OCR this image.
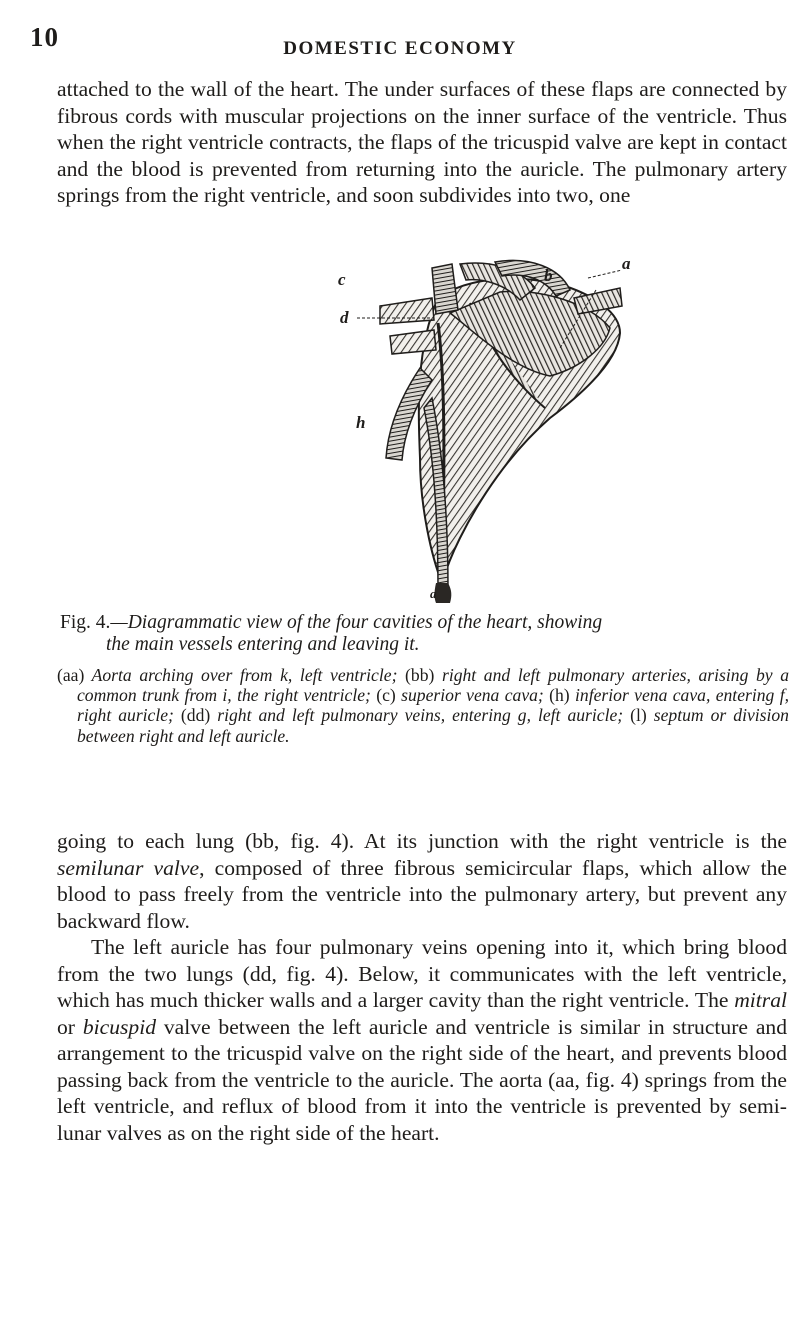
10	DOMESTIC ECONOMY

attached to the wall of the heart. The under surfaces of these flaps are connected by fibrous cords with muscular projections on the inner surface of the ventricle. Thus when the right ventricle contracts, the flaps of the tricuspid valve are kept in contact and the blood is prevented from returning into the auricle. The pulmonary artery springs from the right ventricle, and soon subdivides into two, one

c	b
a
d
h
a
Fig. 4.—Diagrammatic view of the four cavities of the heart, showing
the main vessels entering and leaving it.
(aa) Aorta arching over from k, left ventricle; (bb) right and left pulmonary arteries, arising by a common trunk from i, the right ventricle; (c) superior vena cava; (h) inferior vena cava, entering f, right auricle; (dd) right and left pulmonary veins, entering g, left auricle; (l) septum or division between right and left auricle.

going to each lung (bb, fig. 4). At its junction with the right ventricle is the semilunar valve, composed of three fibrous semicircular flaps, which allow the blood to pass freely from the ventricle into the pulmonary artery, but prevent any backward flow.

The left auricle has four pulmonary veins opening into it, which bring blood from the two lungs (dd, fig. 4). Below, it communicates with the left ventricle, which has much thicker walls and a larger cavity than the right ventricle. The mitral or bicuspid valve between the left auricle and ventricle is similar in structure and arrangement to the tricuspid valve on the right side of the heart, and prevents blood passing back from the ventricle to the auricle. The aorta (aa, fig. 4) springs from the left ventricle, and reflux of blood from it into the ventricle is prevented by semi-lunar valves as on the right side of the heart.
